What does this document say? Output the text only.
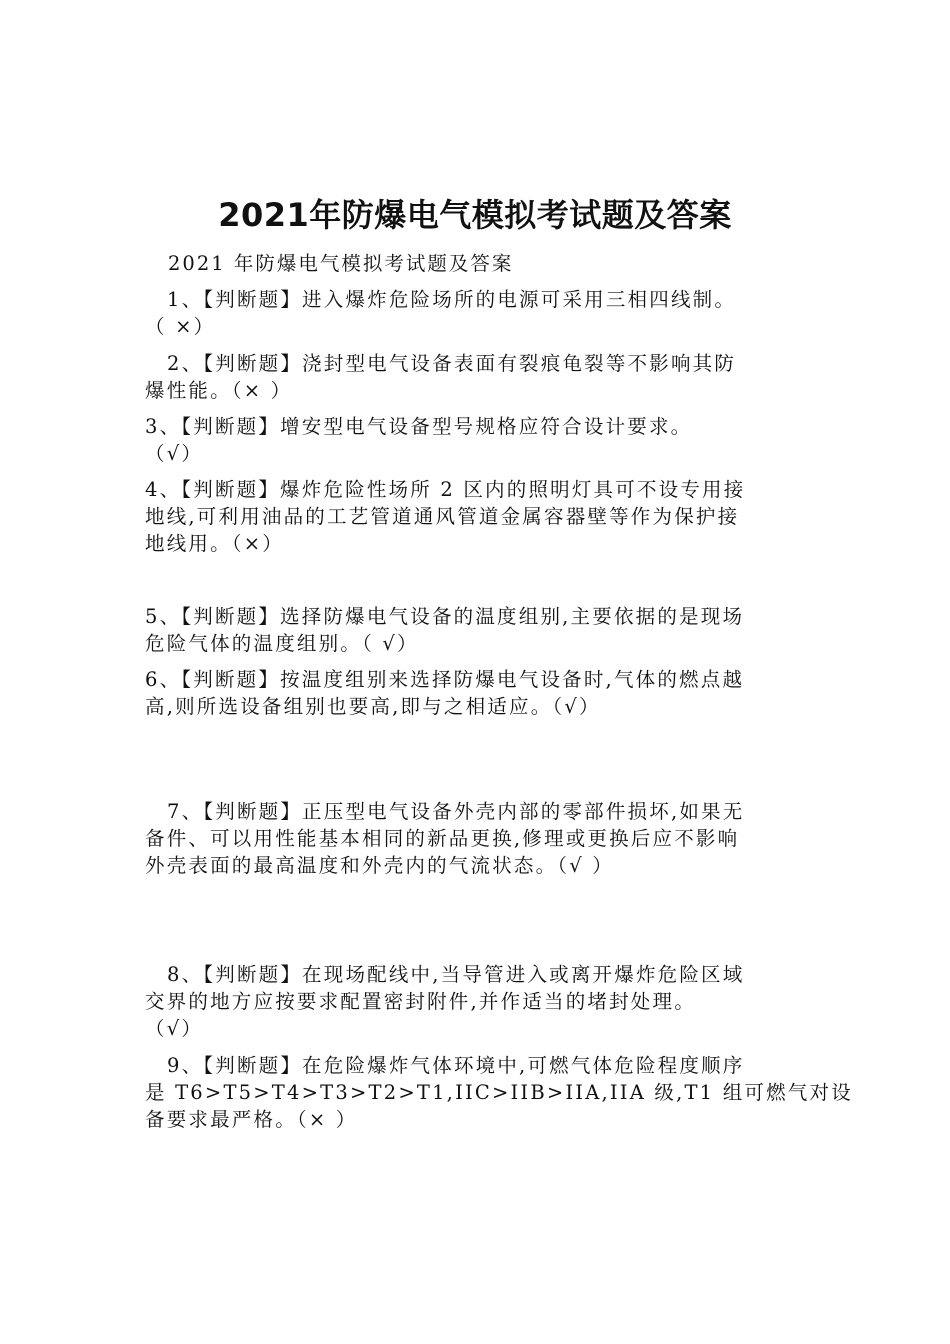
2021年防爆电气模拟考试题及答案

2021 年防爆电气模拟考试题及答案

1、【判断题】进入爆炸危险场所的电源可采用三相四线制。
（ ×）

2、【判断题】浇封型电气设备表面有裂痕龟裂等不影响其防
爆性能。（× ）

3、【判断题】增安型电气设备型号规格应符合设计要求。
（√）

4、【判断题】爆炸危险性场所 2 区内的照明灯具可不设专用接
地线,可利用油品的工艺管道通风管道金属容器壁等作为保护接
地线用。（×）

5、【判断题】选择防爆电气设备的温度组别,主要依据的是现场
危险气体的温度组别。（ √）

6、【判断题】按温度组别来选择防爆电气设备时,气体的燃点越
高,则所选设备组别也要高,即与之相适应。（√）

7、【判断题】正压型电气设备外壳内部的零部件损坏,如果无
备件、可以用性能基本相同的新品更换,修理或更换后应不影响
外壳表面的最高温度和外壳内的气流状态。（√ ）

8、【判断题】在现场配线中,当导管进入或离开爆炸危险区域
交界的地方应按要求配置密封附件,并作适当的堵封处理。
（√）

9、【判断题】在危险爆炸气体环境中,可燃气体危险程度顺序
是 T6>T5>T4>T3>T2>T1,IIC>IIB>IIA,IIA 级,T1 组可燃气对设
备要求最严格。（× ）
